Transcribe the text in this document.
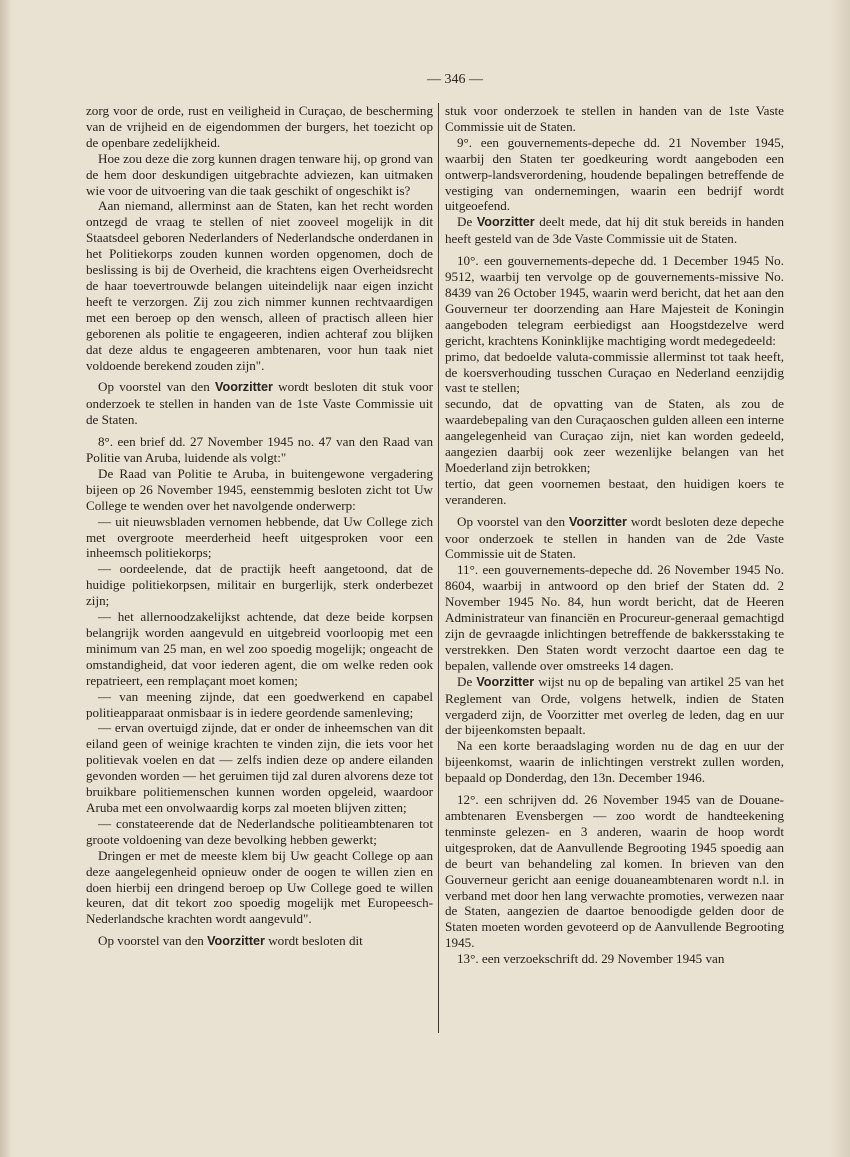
— 346 —

zorg voor de orde, rust en veiligheid in Curaçao, de bescherming van de vrijheid en de eigendommen der burgers, het toezicht op de openbare zedelijkheid.

Hoe zou deze die zorg kunnen dragen tenware hij, op grond van de hem door deskundigen uitgebrachte adviezen, kan uitmaken wie voor de uitvoering van die taak geschikt of ongeschikt is?

Aan niemand, allerminst aan de Staten, kan het recht worden ontzegd de vraag te stellen of niet zooveel mogelijk in dit Staatsdeel geboren Nederlanders of Nederlandsche onderdanen in het Politiekorps zouden kunnen worden opgenomen, doch de beslissing is bij de Overheid, die krachtens eigen Overheidsrecht de haar toevertrouwde belangen uiteindelijk naar eigen inzicht heeft te verzorgen. Zij zou zich nimmer kunnen rechtvaardigen met een beroep op den wensch, alleen of practisch alleen hier geborenen als politie te engageeren, indien achteraf zou blijken dat deze aldus te engageeren ambtenaren, voor hun taak niet voldoende berekend zouden zijn".

Op voorstel van den Voorzitter wordt besloten dit stuk voor onderzoek te stellen in handen van de 1ste Vaste Commissie uit de Staten.

8°. een brief dd. 27 November 1945 no. 47 van den Raad van Politie van Aruba, luidende als volgt:"

De Raad van Politie te Aruba, in buitengewone vergadering bijeen op 26 November 1945, eenstemmig besloten zicht tot Uw College te wenden over het navolgende onderwerp:

— uit nieuwsbladen vernomen hebbende, dat Uw College zich met overgroote meerderheid heeft uitgesproken voor een inheemsch politiekorps;

— oordeelende, dat de practijk heeft aangetoond, dat de huidige politiekorpsen, militair en burgerlijk, sterk onderbezet zijn;

— het allernoodzakelijkst achtende, dat deze beide korpsen belangrijk worden aangevuld en uitgebreid voorloopig met een minimum van 25 man, en wel zoo spoedig mogelijk; ongeacht de omstandigheid, dat voor iederen agent, die om welke reden ook repatrieert, een remplaçant moet komen;

— van meening zijnde, dat een goedwerkend en capabel politieapparaat onmisbaar is in iedere geordende samenleving;

— ervan overtuigd zijnde, dat er onder de inheemschen van dit eiland geen of weinige krachten te vinden zijn, die iets voor het politievak voelen en dat — zelfs indien deze op andere eilanden gevonden worden — het geruimen tijd zal duren alvorens deze tot bruikbare politiemenschen kunnen worden opgeleid, waardoor Aruba met een onvolwaardig korps zal moeten blijven zitten;

— constateerende dat de Nederlandsche politieambtenaren tot groote voldoening van deze bevolking hebben gewerkt;

Dringen er met de meeste klem bij Uw geacht College op aan deze aangelegenheid opnieuw onder de oogen te willen zien en doen hierbij een dringend beroep op Uw College goed te willen keuren, dat dit tekort zoo spoedig mogelijk met Europeesch-Nederlandsche krachten wordt aangevuld".

Op voorstel van den Voorzitter wordt besloten dit

stuk voor onderzoek te stellen in handen van de 1ste Vaste Commissie uit de Staten.

9°. een gouvernements-depeche dd. 21 November 1945, waarbij den Staten ter goedkeuring wordt aangeboden een ontwerp-landsverordening, houdende bepalingen betreffende de vestiging van ondernemingen, waarin een bedrijf wordt uitgeoefend.

De Voorzitter deelt mede, dat hij dit stuk bereids in handen heeft gesteld van de 3de Vaste Commissie uit de Staten.

10°. een gouvernements-depeche dd. 1 December 1945 No. 9512, waarbij ten vervolge op de gouvernements-missive No. 8439 van 26 October 1945, waarin werd bericht, dat het aan den Gouverneur ter doorzending aan Hare Majesteit de Koningin aangeboden telegram eerbiedigst aan Hoogstdezelve werd gericht, krachtens Koninklijke machtiging wordt medegedeeld:

primo, dat bedoelde valuta-commissie allerminst tot taak heeft, de koersverhouding tusschen Curaçao en Nederland eenzijdig vast te stellen;

secundo, dat de opvatting van de Staten, als zou de waardebepaling van den Curaçaoschen gulden alleen een interne aangelegenheid van Curaçao zijn, niet kan worden gedeeld, aangezien daarbij ook zeer wezenlijke belangen van het Moederland zijn betrokken;

tertio, dat geen voornemen bestaat, den huidigen koers te veranderen.

Op voorstel van den Voorzitter wordt besloten deze depeche voor onderzoek te stellen in handen van de 2de Vaste Commissie uit de Staten.

11°. een gouvernements-depeche dd. 26 November 1945 No. 8604, waarbij in antwoord op den brief der Staten dd. 2 November 1945 No. 84, hun wordt bericht, dat de Heeren Administrateur van financiën en Procureur-generaal gemachtigd zijn de gevraagde inlichtingen betreffende de bakkersstaking te verstrekken. Den Staten wordt verzocht daartoe een dag te bepalen, vallende over omstreeks 14 dagen.

De Voorzitter wijst nu op de bepaling van artikel 25 van het Reglement van Orde, volgens hetwelk, indien de Staten vergaderd zijn, de Voorzitter met overleg de leden, dag en uur der bijeenkomsten bepaalt.

Na een korte beraadslaging worden nu de dag en uur der bijeenkomst, waarin de inlichtingen verstrekt zullen worden, bepaald op Donderdag, den 13n. December 1946.

12°. een schrijven dd. 26 November 1945 van de Douane-ambtenaren Evensbergen — zoo wordt de handteekening tenminste gelezen- en 3 anderen, waarin de hoop wordt uitgesproken, dat de Aanvullende Begrooting 1945 spoedig aan de beurt van behandeling zal komen. In brieven van den Gouverneur gericht aan eenige douaneambtenaren wordt n.l. in verband met door hen lang verwachte promoties, verwezen naar de Staten, aangezien de daartoe benoodigde gelden door de Staten moeten worden gevoteerd op de Aanvullende Begrooting 1945.

13°. een verzoekschrift dd. 29 November 1945 van
